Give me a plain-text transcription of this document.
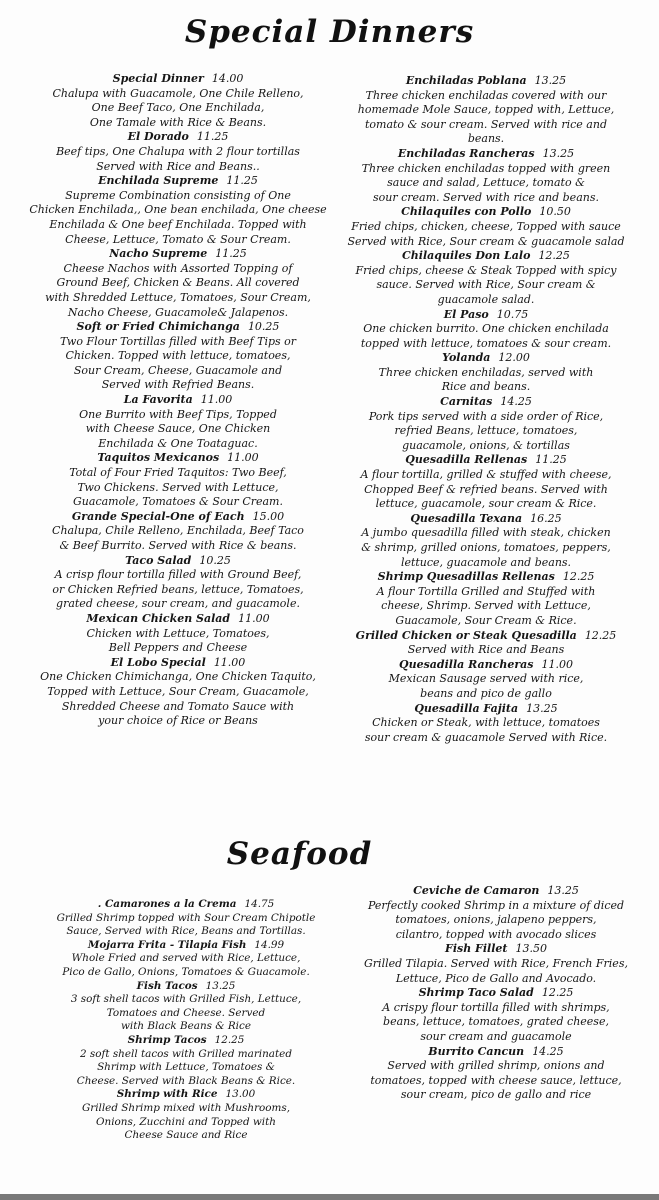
Special Dinners
Special Dinner 14.00
Chalupa with Guacamole, One Chile Relleno,
One Beef Taco, One Enchilada,
One Tamale with Rice & Beans.
El Dorado 11.25
Beef tips, One Chalupa with 2 flour tortillas
Served with Rice and Beans..
Enchilada Supreme 11.25
Supreme Combination consisting of One
Chicken Enchilada,, One bean enchilada, One cheese
Enchilada & One beef Enchilada. Topped with
Cheese, Lettuce, Tomato & Sour Cream.
Nacho Supreme 11.25
Cheese Nachos with Assorted Topping of
Ground Beef, Chicken & Beans. All covered
with Shredded Lettuce, Tomatoes, Sour Cream,
Nacho Cheese, Guacamole& Jalapenos.
Soft or Fried Chimichanga 10.25
Two Flour Tortillas filled with Beef Tips or
Chicken. Topped with lettuce, tomatoes,
Sour Cream, Cheese, Guacamole and
Served with Refried Beans.
La Favorita 11.00
One Burrito with Beef Tips, Topped
with Cheese Sauce, One Chicken
Enchilada & One Toataguac.
Taquitos Mexicanos 11.00
Total of Four Fried Taquitos: Two Beef,
Two Chickens. Served with Lettuce,
Guacamole, Tomatoes & Sour Cream.
Grande Special-One of Each 15.00
Chalupa, Chile Relleno, Enchilada, Beef Taco
& Beef Burrito. Served with Rice & beans.
Taco Salad 10.25
A crisp flour tortilla filled with Ground Beef,
or Chicken Refried beans, lettuce, Tomatoes,
grated cheese, sour cream, and guacamole.
Mexican Chicken Salad 11.00
Chicken with Lettuce, Tomatoes,
Bell Peppers and Cheese
El Lobo Special 11.00
One Chicken Chimichanga, One Chicken Taquito,
Topped with Lettuce, Sour Cream, Guacamole,
Shredded Cheese and Tomato Sauce with
your choice of Rice or Beans
Enchiladas Poblana 13.25
Three chicken enchiladas covered with our
homemade Mole Sauce, topped with, Lettuce,
tomato & sour cream. Served with rice and
beans.
Enchiladas Rancheras 13.25
Three chicken enchiladas topped with green
sauce and salad, Lettuce, tomato &
sour cream. Served with rice and beans.
Chilaquiles con Pollo 10.50
Fried chips, chicken, cheese, Topped with sauce
Served with Rice, Sour cream & guacamole salad
Chilaquiles Don Lalo 12.25
Fried chips, cheese & Steak Topped with spicy
sauce. Served with Rice, Sour cream &
guacamole salad.
El Paso 10.75
One chicken burrito. One chicken enchilada
topped with lettuce, tomatoes & sour cream.
Yolanda 12.00
Three chicken enchiladas, served with
Rice and beans.
Carnitas 14.25
Pork tips served with a side order of Rice,
refried Beans, lettuce, tomatoes,
guacamole, onions, & tortillas
Quesadilla Rellenas 11.25
A flour tortilla, grilled & stuffed with cheese,
Chopped Beef & refried beans. Served with
lettuce, guacamole, sour cream & Rice.
Quesadilla Texana 16.25
A jumbo quesadilla filled with steak, chicken
& shrimp, grilled onions, tomatoes, peppers,
lettuce, guacamole and beans.
Shrimp Quesadillas Rellenas 12.25
A flour Tortilla Grilled and Stuffed with
cheese, Shrimp. Served with Lettuce,
Guacamole, Sour Cream & Rice.
Grilled Chicken or Steak Quesadilla 12.25
Served with Rice and Beans
Quesadilla Rancheras 11.00
Mexican Sausage served with rice,
beans and pico de gallo
Quesadilla Fajita 13.25
Chicken or Steak, with lettuce, tomatoes
sour cream & guacamole Served with Rice.
Seafood
. Camarones a la Crema 14.75
Grilled Shrimp topped with Sour Cream Chipotle
Sauce, Served with Rice, Beans and Tortillas.
Mojarra Frita - Tilapia Fish 14.99
Whole Fried and served with Rice, Lettuce,
Pico de Gallo, Onions, Tomatoes & Guacamole.
Fish Tacos 13.25
3 soft shell tacos with Grilled Fish, Lettuce,
Tomatoes and Cheese. Served
with Black Beans & Rice
Shrimp Tacos 12.25
2 soft shell tacos with Grilled marinated
Shrimp with Lettuce, Tomatoes &
Cheese. Served with Black Beans & Rice.
Shrimp with Rice 13.00
Grilled Shrimp mixed with Mushrooms,
Onions, Zucchini and Topped with
Cheese Sauce and Rice
Ceviche de Camaron 13.25
Perfectly cooked Shrimp in a mixture of diced
tomatoes, onions, jalapeno peppers,
cilantro, topped with avocado slices
Fish Fillet 13.50
Grilled Tilapia. Served with Rice, French Fries,
Lettuce, Pico de Gallo and Avocado.
Shrimp Taco Salad 12.25
A crispy flour tortilla filled with shrimps,
beans, lettuce, tomatoes, grated cheese,
sour cream and guacamole
Burrito Cancun 14.25
Served with grilled shrimp, onions and
tomatoes, topped with cheese sauce, lettuce,
sour cream, pico de gallo and rice
